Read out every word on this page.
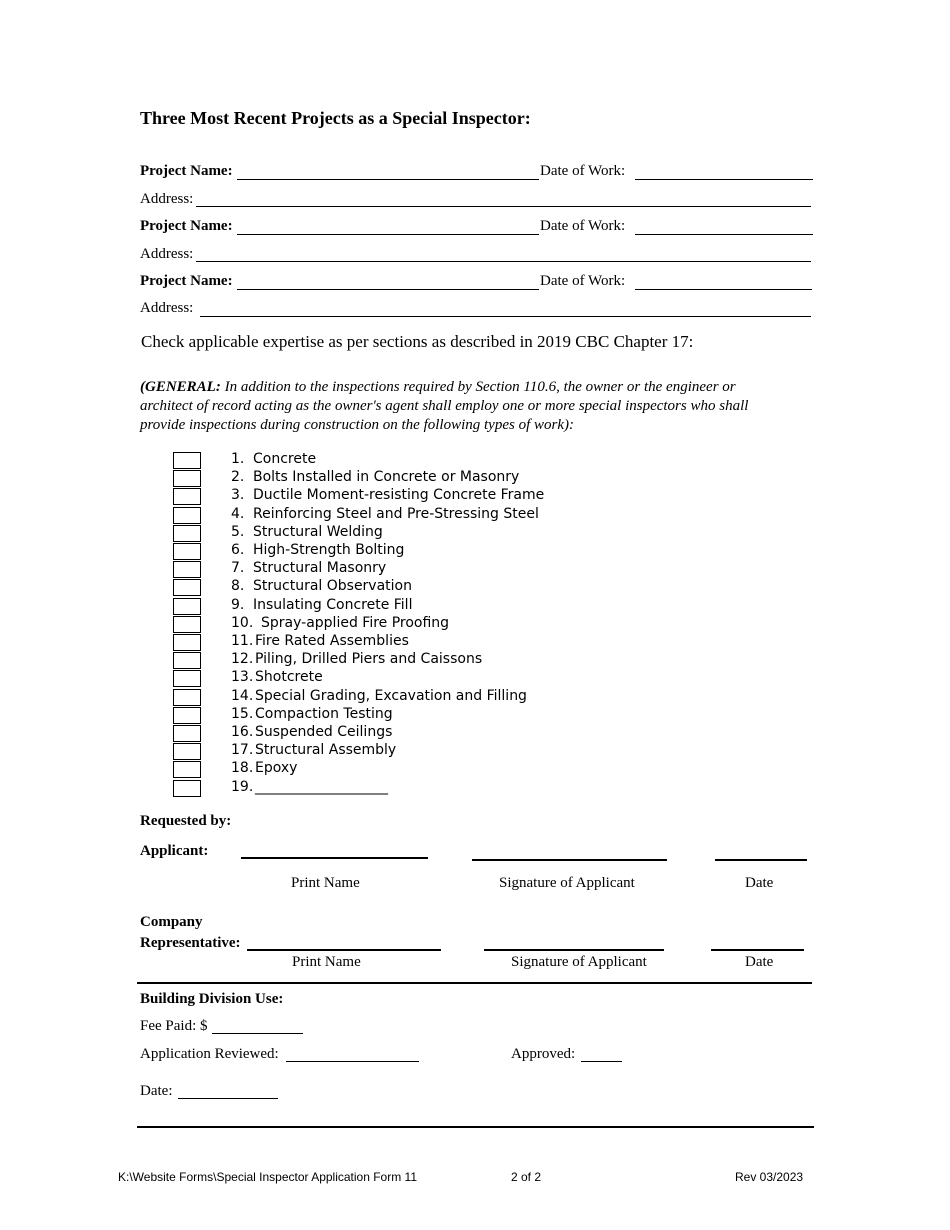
Three Most Recent Projects as a Special Inspector:
Project Name:	Date of Work:
Address:
Project Name:	Date of Work:
Address:
Project Name:	Date of Work:
Address:
Check applicable expertise as per sections as described in 2019 CBC Chapter 17:
(GENERAL: In addition to the inspections required by Section 110.6, the owner or the engineer or architect of record acting as the owner's agent shall employ one or more special inspectors who shall provide inspections during construction on the following types of work):
1. Concrete
2. Bolts Installed in Concrete or Masonry
3. Ductile Moment-resisting Concrete Frame
4. Reinforcing Steel and Pre-Stressing Steel
5. Structural Welding
6. High-Strength Bolting
7. Structural Masonry
8. Structural Observation
9. Insulating Concrete Fill
10. Spray-applied Fire Proofing
11. Fire Rated Assemblies
12. Piling, Drilled Piers and Caissons
13. Shotcrete
14. Special Grading, Excavation and Filling
15. Compaction Testing
16. Suspended Ceilings
17. Structural Assembly
18. Epoxy
19. ___________________
Requested by:
Applicant:
Print Name	Signature of Applicant	Date
Company
Representative:
Print Name	Signature of Applicant	Date
Building Division Use:
Fee Paid: $
Application Reviewed:	Approved:
Date:
K:\Website Forms\Special Inspector Application Form 11	2 of 2	Rev 03/2023
